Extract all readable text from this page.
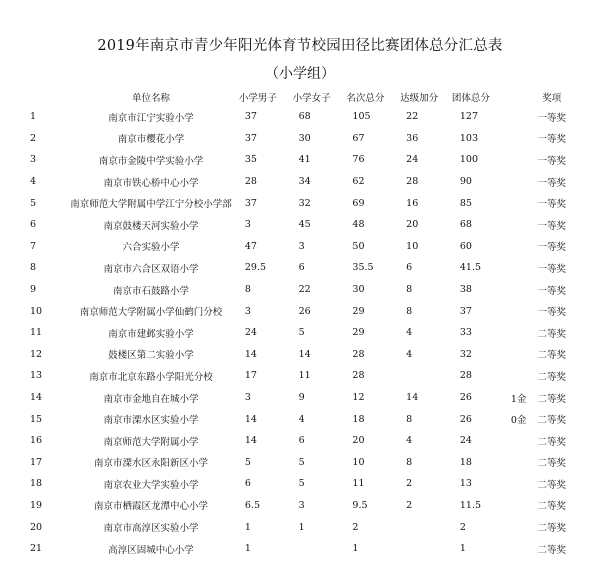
2019年南京市青少年阳光体育节校园田径比赛团体总分汇总表
（小学组）
	单位名称	小学男子	小学女子	名次总分	达级加分	团体总分		奖项
1	南京市江宁实验小学	37	68	105	22	127		一等奖
2	南京市樱花小学	37	30	67	36	103		一等奖
3	南京市金陵中学实验小学	35	41	76	24	100		一等奖
4	南京市铁心桥中心小学	28	34	62	28	90		一等奖
5	南京师范大学附属中学江宁分校小学部	37	32	69	16	85		一等奖
6	南京鼓楼天河实验小学	3	45	48	20	68		一等奖
7	六合实验小学	47	3	50	10	60		一等奖
8	南京市六合区双语小学	29.5	6	35.5	6	41.5		一等奖
9	南京市石鼓路小学	8	22	30	8	38		一等奖
10	南京师范大学附属小学仙鹤门分校	3	26	29	8	37		一等奖
11	南京市建邺实验小学	24	5	29	4	33		二等奖
12	鼓楼区第二实验小学	14	14	28	4	32		二等奖
13	南京市北京东路小学阳光分校	17	11	28		28		二等奖
14	南京市金地自在城小学	3	9	12	14	26	1金	二等奖
15	南京市溧水区实验小学	14	4	18	8	26	0金	二等奖
16	南京师范大学附属小学	14	6	20	4	24		二等奖
17	南京市溧水区永阳新区小学	5	5	10	8	18		二等奖
18	南京农业大学实验小学	6	5	11	2	13		二等奖
19	南京市栖霞区龙潭中心小学	6.5	3	9.5	2	11.5		二等奖
20	南京市高淳区实验小学	1	1	2		2		二等奖
21	高淳区固城中心小学	1		1		1		二等奖
